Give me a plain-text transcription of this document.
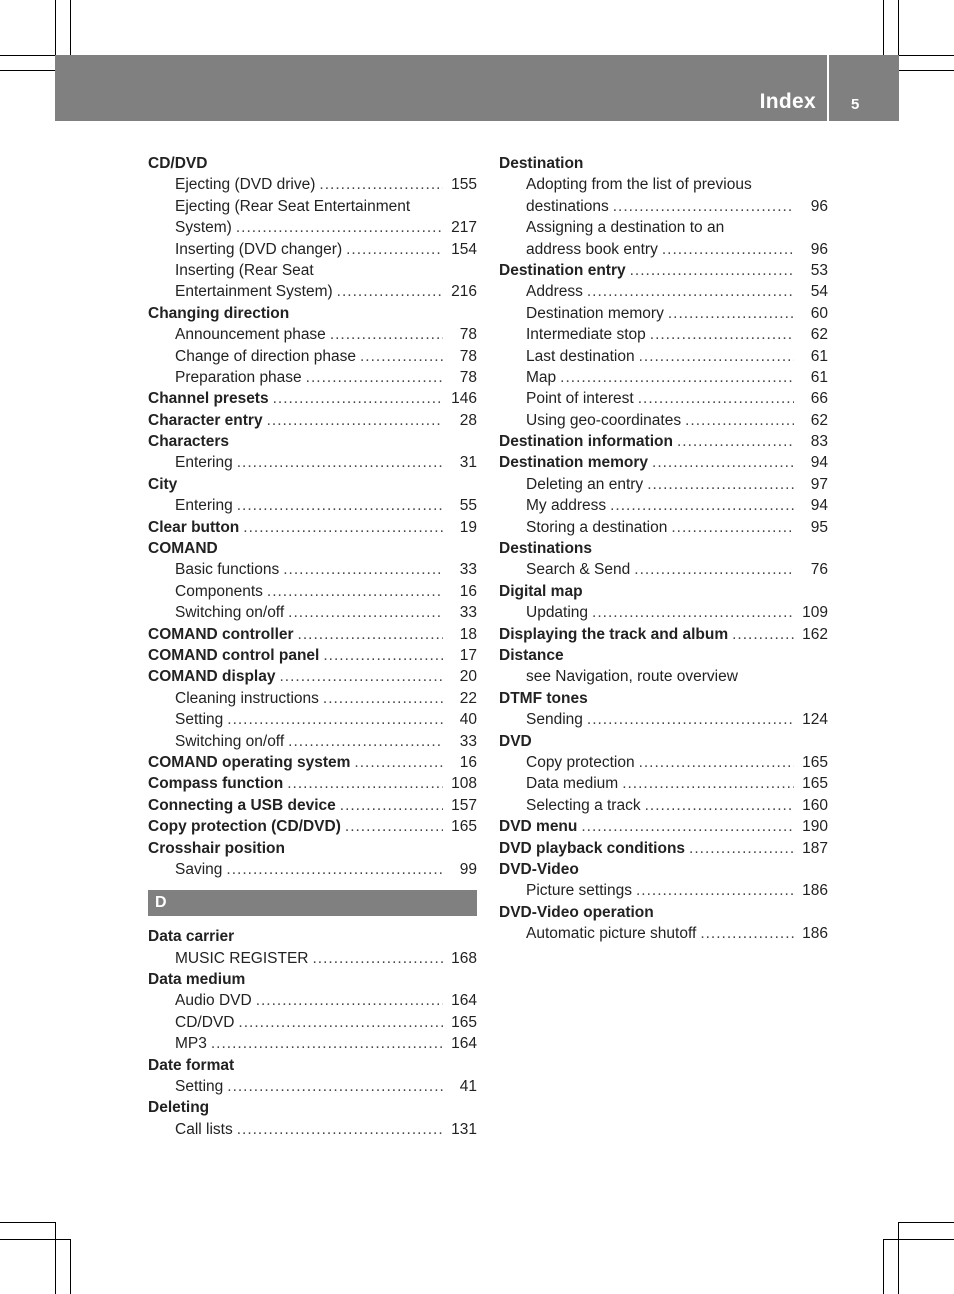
Index 5
CD/DVD
Ejecting (DVD drive) .....	155
Ejecting (Rear Seat Entertainment
System) .....	217
Inserting (DVD changer) .....	154
Inserting (Rear Seat
Entertainment System) .....	216
Changing direction
Announcement phase .....	78
Change of direction phase .....	78
Preparation phase .....	78
Channel presets .....	146
Character entry .....	28
Characters
Entering .....	31
City
Entering .....	55
Clear button .....	19
COMAND
Basic functions .....	33
Components .....	16
Switching on/off .....	33
COMAND controller .....	18
COMAND control panel .....	17
COMAND display .....	20
Cleaning instructions .....	22
Setting .....	40
Switching on/off .....	33
COMAND operating system .....	16
Compass function .....	108
Connecting a USB device .....	157
Copy protection (CD/DVD) .....	165
Crosshair position
Saving .....	99
D
Data carrier
MUSIC REGISTER .....	168
Data medium
Audio DVD .....	164
CD/DVD .....	165
MP3 .....	164
Date format
Setting .....	41
Deleting
Call lists .....	131
Destination
Adopting from the list of previous
destinations .....	96
Assigning a destination to an
address book entry .....	96
Destination entry .....	53
Address .....	54
Destination memory .....	60
Intermediate stop .....	62
Last destination .....	61
Map .....	61
Point of interest .....	66
Using geo-coordinates .....	62
Destination information .....	83
Destination memory .....	94
Deleting an entry .....	97
My address .....	94
Storing a destination .....	95
Destinations
Search & Send .....	76
Digital map
Updating .....	109
Displaying the track and album .....	162
Distance
see Navigation, route overview
DTMF tones
Sending .....	124
DVD
Copy protection .....	165
Data medium .....	165
Selecting a track .....	160
DVD menu .....	190
DVD playback conditions .....	187
DVD-Video
Picture settings .....	186
DVD-Video operation
Automatic picture shutoff .....	186
